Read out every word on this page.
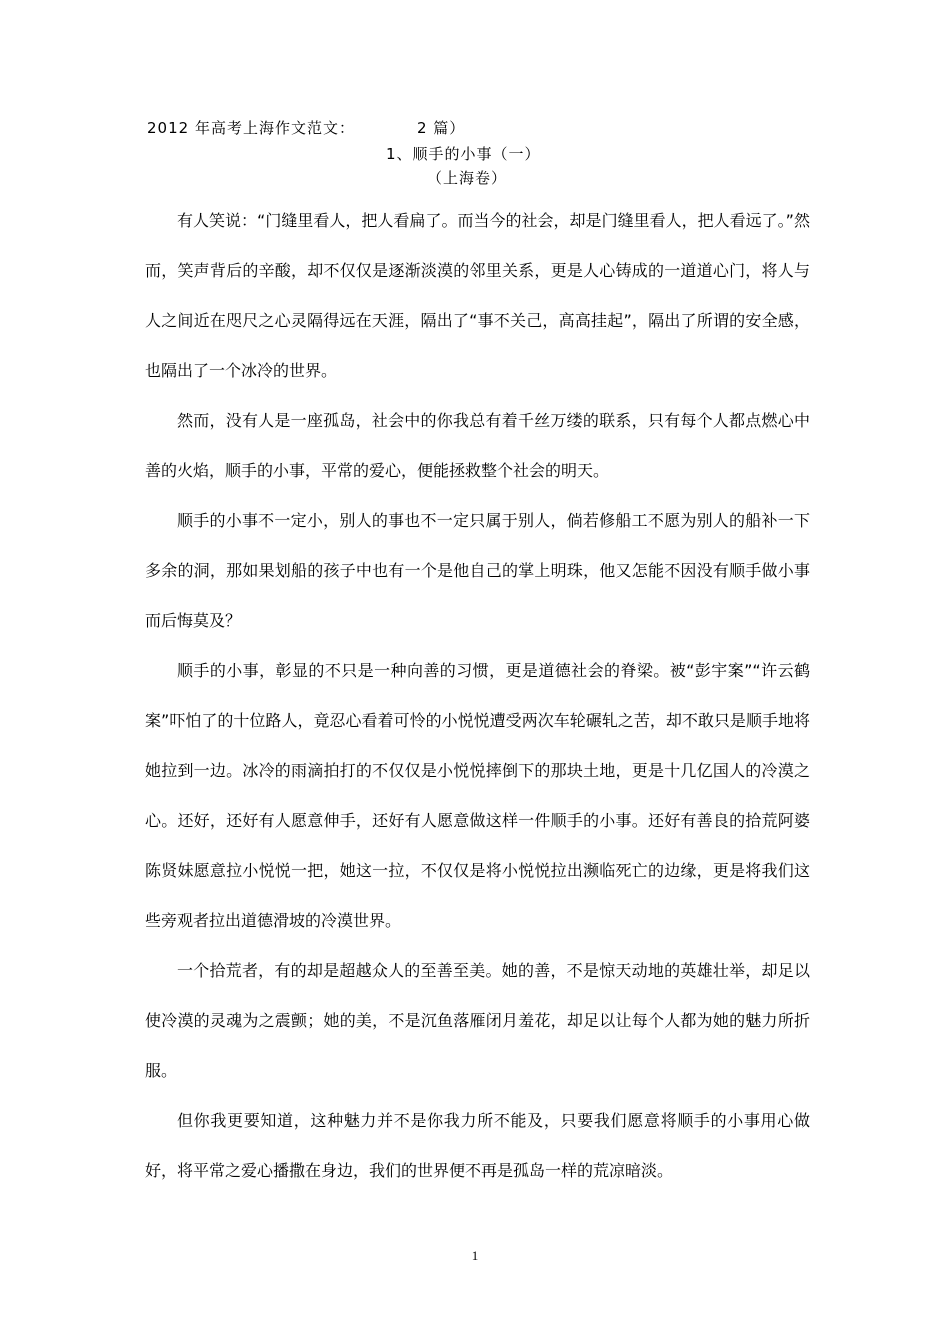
2012 年高考上海作文范文：	2 篇）
1、顺手的小事（一）
（上海卷）

有人笑说：“门缝里看人，把人看扁了。而当今的社会，却是门缝里看人，把人看远了。”然而，笑声背后的辛酸，却不仅仅是逐渐淡漠的邻里关系，更是人心铸成的一道道心门，将人与人之间近在咫尺之心灵隔得远在天涯，隔出了“事不关己，高高挂起”，隔出了所谓的安全感，也隔出了一个冰冷的世界。

然而，没有人是一座孤岛，社会中的你我总有着千丝万缕的联系，只有每个人都点燃心中善的火焰，顺手的小事，平常的爱心，便能拯救整个社会的明天。

顺手的小事不一定小，别人的事也不一定只属于别人，倘若修船工不愿为别人的船补一下多余的洞，那如果划船的孩子中也有一个是他自己的掌上明珠，他又怎能不因没有顺手做小事而后悔莫及？

顺手的小事，彰显的不只是一种向善的习惯，更是道德社会的脊梁。被“彭宇案”“许云鹤案”吓怕了的十位路人，竟忍心看着可怜的小悦悦遭受两次车轮碾轧之苦，却不敢只是顺手地将她拉到一边。冰冷的雨滴拍打的不仅仅是小悦悦摔倒下的那块土地，更是十几亿国人的冷漠之心。还好，还好有人愿意伸手，还好有人愿意做这样一件顺手的小事。还好有善良的拾荒阿婆陈贤妹愿意拉小悦悦一把，她这一拉，不仅仅是将小悦悦拉出濒临死亡的边缘，更是将我们这些旁观者拉出道德滑坡的冷漠世界。

一个拾荒者，有的却是超越众人的至善至美。她的善，不是惊天动地的英雄壮举，却足以使冷漠的灵魂为之震颤；她的美，不是沉鱼落雁闭月羞花，却足以让每个人都为她的魅力所折服。

但你我更要知道，这种魅力并不是你我力所不能及，只要我们愿意将顺手的小事用心做好，将平常之爱心播撒在身边，我们的世界便不再是孤岛一样的荒凉暗淡。

1
